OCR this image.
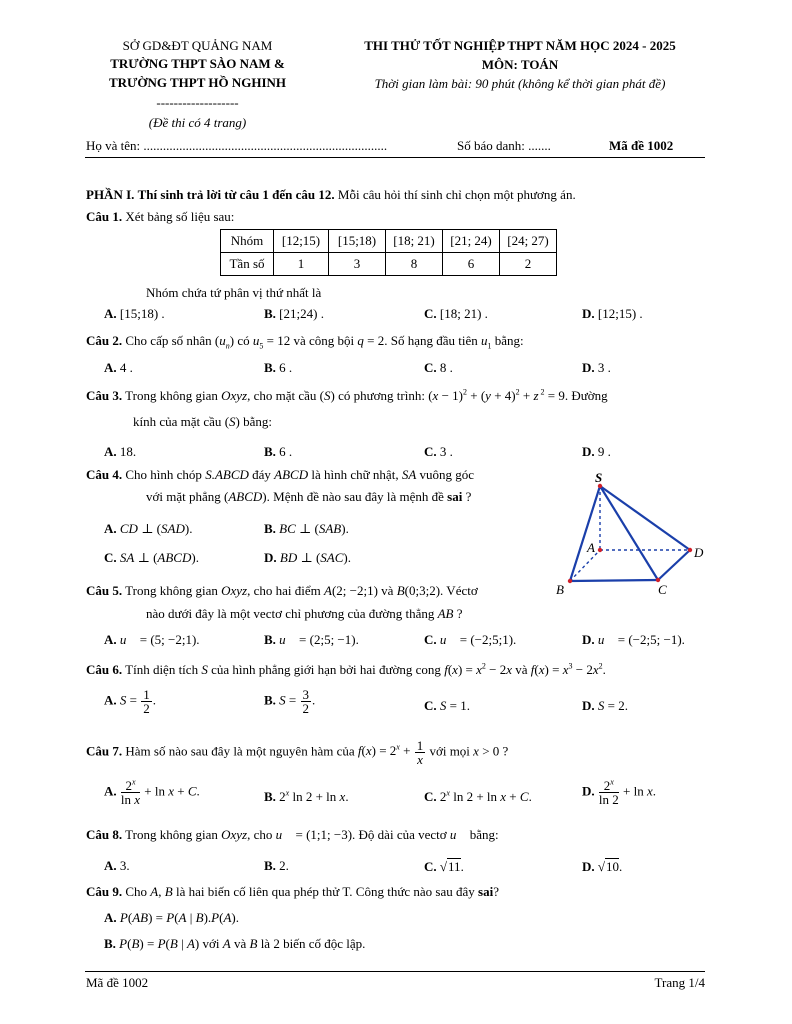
SỞ GD&ĐT QUẢNG NAM
TRƯỜNG THPT SÀO NAM &
TRƯỜNG THPT HỒ NGHINH
-------------------
(Đề thi có 4 trang)
THI THỬ TỐT NGHIỆP THPT NĂM HỌC 2024 - 2025
MÔN: TOÁN
Thời gian làm bài: 90 phút (không kể thời gian phát đề)
Họ và tên: ...........................................................................	Số báo danh: .......	Mã đề 1002
PHẦN I. Thí sinh trả lời từ câu 1 đến câu 12. Mỗi câu hỏi thí sinh chỉ chọn một phương án.
Câu 1. Xét bảng số liệu sau:
Nhóm	[12;15)	[15;18)	[18; 21)	[21; 24)	[24; 27)
Tần số	1	3	8	6	2
Nhóm chứa tứ phân vị thứ nhất là
A. [15;18) .	B. [21;24) .	C. [18; 21) .	D. [12;15) .
Câu 2. Cho cấp số nhân $(u_n)$ có $u_5 = 12$ và công bội q = 2. Số hạng đầu tiên $u_1$ bằng:
A. 4 .	B. 6 .	C. 8 .	D. 3 .
Câu 3. Trong không gian Oxyz, cho mặt cầu (S) có phương trình: $(x - 1)^2 + (y + 4)^2 + z$ $^2$ = 9. Đường
kính của mặt cầu (S) bằng:
A. 18.	B. 6 .	C. 3 .	D. 9 .
Câu 4. Cho hình chóp S.ABCD đáy ABCD là hình chữ nhật, SA vuông góc
với mặt phẳng (ABCD). Mệnh đề nào sau đây là mệnh đề sai ?
A. CD ⊥ (SAD).	B. BC ⊥ (SAB).
C. SA ⊥ (ABCD).	D. BD ⊥ (SAC).
S
A	D
B	C
Câu 5. Trong không gian Oxyz, cho hai điểm A(2; −2;1) và B(0;3;2). Véctơ
nào dưới đây là một vectơ chỉ phương của đường thẳng AB ?
A. u⃗ = (5; −2;1).	B. u⃗ = (2;5; −1).	C. u⃗ = (−2;5;1).	D. u⃗ = (−2;5; −1).
Câu 6. Tính diện tích S của hình phẳng giới hạn bởi hai đường cong $f(x) = x^2 - 2x$ và $f(x) = x^3 - 2x^2$.
A. $S = \frac{1}{2}$ .	B. $S = \frac{3}{2}$ .	C. S = 1.	D. S = 2.
Câu 7. Hàm số nào sau đây là một nguyên hàm của $f(x) = 2^x + \frac{1}{x}$ với mọi x > 0 ?
A. $\frac{2^x}{\text{ln x}} + \ln x + C$.	B. 2$^x$ ln 2 + ln x.	C. 2$^x$ ln 2 + ln x + C.	D. $\frac{2^x}{\ln 2} + \ln x$.
Câu 8. Trong không gian Oxyz, cho u⃗ = (1;1; −3). Độ dài của vectơ u⃗ bằng:
A. 3.	B. 2.	C. √11.	D. √10.
Câu 9. Cho A, B là hai biến cố liên qua phép thử T. Công thức nào sau đây sai?
A. P(AB) = P(A | B).P(A).
B. P(B) = P(B | A) với A và B là 2 biến cố độc lập.
Mã đề 1002	Trang 1/4
